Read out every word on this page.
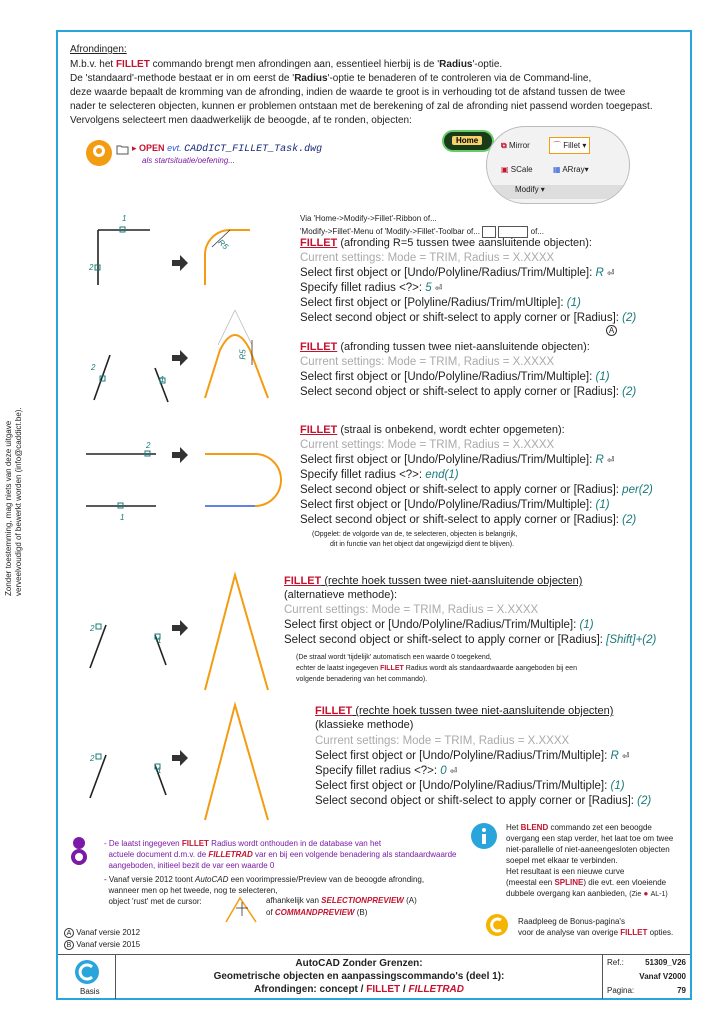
Zonder toestemming, mag niets van deze uitgave verveelvoudigd of bewerkt worden (info@caddict.be).
Afrondingen:
M.b.v. het FILLET commando brengt men afrondingen aan, essentieel hierbij is de 'Radius'-optie.
De 'standaard'-methode bestaat er in om eerst de 'Radius'-optie te benaderen of te controleren via de Command-line,
deze waarde bepaalt de kromming van de afronding, indien de waarde te groot is in verhouding tot de afstand tussen de twee
nader te selecteren objecten, kunnen er problemen ontstaan met de berekening of zal de afronding niet passend worden toegepast.
Vervolgens selecteert men daadwerkelijk de beoogde, af te ronden, objecten:
▸ OPEN evt. CADdICT_FILLET_Task.dwg
als startsituatie/oefening...
Home
⧉ Mirror	⌒ Fillet ▾
▣ SCale	▦ ARray▾
Modify ▾
Via 'Home->Modify->Fillet'-Ribbon of...
'Modify->Fillet'-Menu of 'Modify->Fillet'-Toolbar of...	of...
FILLET (afronding R=5 tussen twee aansluitende objecten):
Current settings: Mode = TRIM, Radius = X.XXXX
Select first object or [Undo/Polyline/Radius/Trim/Multiple]: R ⏎
Specify fillet radius <?>: 5 ⏎
Select first object or [Polyline/Radius/Trim/mUltiple]: (1)
Select second object or shift-select to apply corner or [Radius]: (2)
A
1
2
R5
FILLET (afronding tussen twee niet-aansluitende objecten):
Current settings: Mode = TRIM, Radius = X.XXXX
Select first object or [Undo/Polyline/Radius/Trim/Multiple]: (1)
Select second object or shift-select to apply corner or [Radius]: (2)
1
2
R5
FILLET (straal is onbekend, wordt echter opgemeten):
Current settings: Mode = TRIM, Radius = X.XXXX
Select first object or [Undo/Polyline/Radius/Trim/Multiple]: R ⏎
Specify fillet radius <?>: end(1)
Select second object or shift-select to apply corner or [Radius]: per(2)
Select first object or [Undo/Polyline/Radius/Trim/Multiple]: (1)
Select second object or shift-select to apply corner or [Radius]: (2)
(Opgelet: de volgorde van de, te selecteren, objecten is belangrijk,
dit in functie van het object dat ongewijzigd dient te blijven).
2
1
FILLET (rechte hoek tussen twee niet-aansluitende objecten)
(alternatieve methode):
Current settings: Mode = TRIM, Radius = X.XXXX
Select first object or [Undo/Polyline/Radius/Trim/Multiple]: (1)
Select second object or shift-select to apply corner or [Radius]: [Shift]+(2)
(De straal wordt 'tijdelijk' automatisch een waarde 0 toegekend,
echter de laatst ingegeven FILLET Radius wordt als standaardwaarde aangeboden bij een
volgende benadering van het commando).
1
2
FILLET (rechte hoek tussen twee niet-aansluitende objecten)
(klassieke methode)
Current settings: Mode = TRIM, Radius = X.XXXX
Select first object or [Undo/Polyline/Radius/Trim/Multiple]: R ⏎
Specify fillet radius <?>: 0 ⏎
Select first object or [Undo/Polyline/Radius/Trim/Multiple]: (1)
Select second object or shift-select to apply corner or [Radius]: (2)
1
2
- De laatst ingegeven FILLET Radius wordt onthouden in de database van het
actuele document d.m.v. de FILLETRAD var en bij een volgende benadering als standaardwaarde
aangeboden, initieel bezit de var een waarde 0
- Vanaf versie 2012 toont AutoCAD een voorimpressie/Preview van de beoogde afronding,
wanneer men op het tweede, nog te selecteren,
object 'rust' met de cursor:	afhankelijk van SELECTIONPREVIEW (A)
of COMMANDPREVIEW (B)
Het BLEND commando zet een beoogde
overgang een stap verder, het laat toe om twee
niet-parallelle of niet-aaneengesloten objecten
soepel met elkaar te verbinden.
Het resultaat is een nieuwe curve
(meestal een SPLINE) die evt. een vloeiende
dubbele overgang kan aanbieden, (Zie ● AL-1)
Raadpleeg de Bonus-pagina's
voor de analyse van overige FILLET opties.
A Vanaf versie 2012
B Vanaf versie 2015
Basis
AutoCAD Zonder Grenzen:
Geometrische objecten en aanpassingscommando's (deel 1):
Afrondingen: concept / FILLET / FILLETRAD
Ref.:	51309_V26
Vanaf V2000
Pagina:	79
